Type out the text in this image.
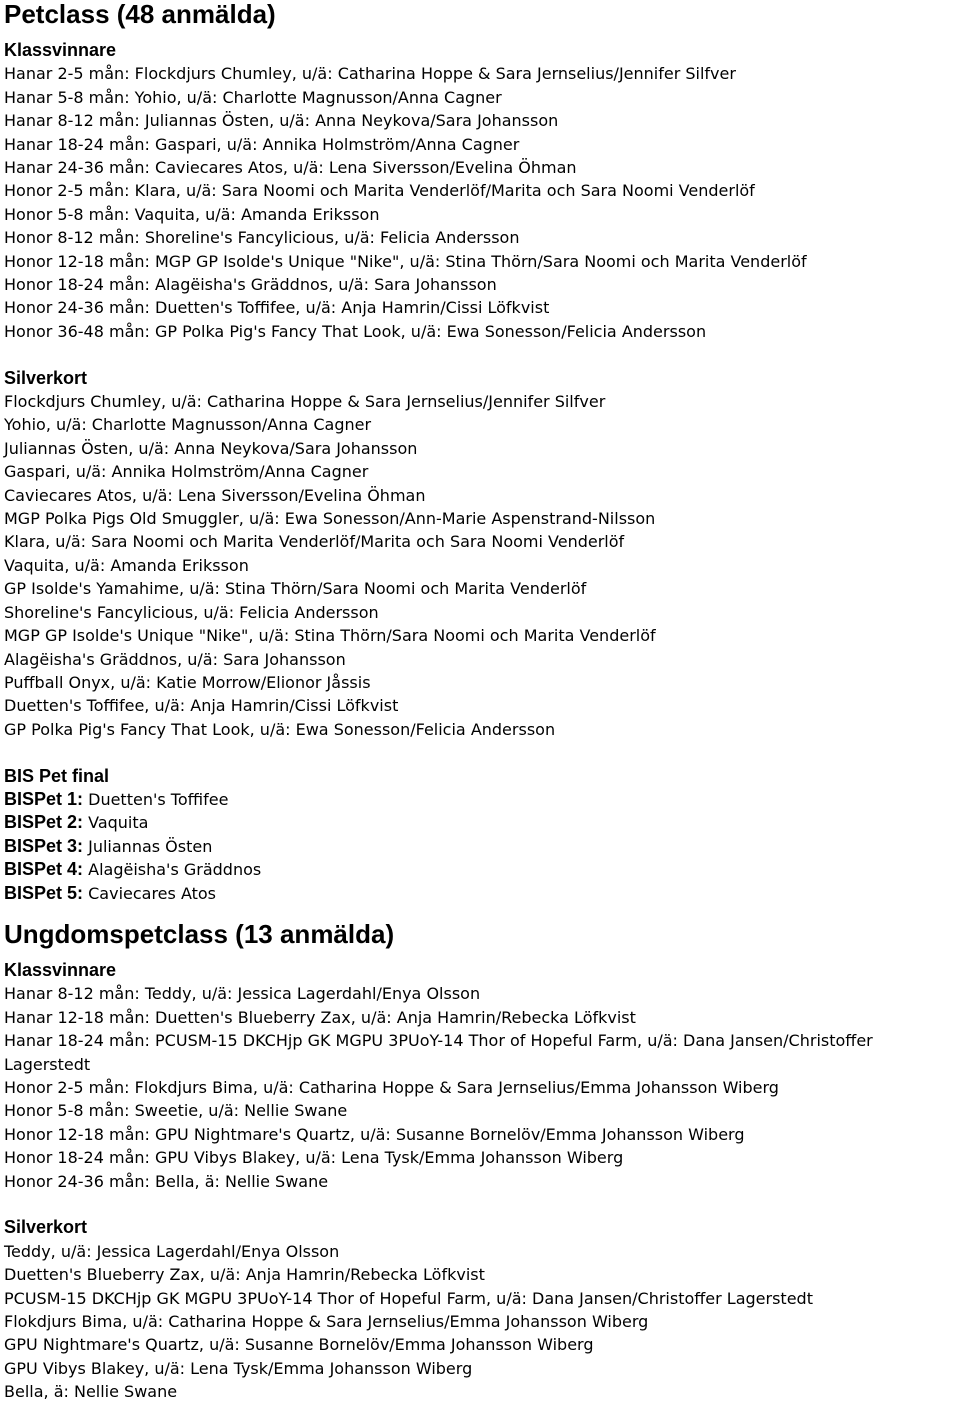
Petclass (48 anmälda)
Klassvinnare
Hanar 2-5 mån: Flockdjurs Chumley, u/ä: Catharina Hoppe & Sara Jernselius/Jennifer Silfver
Hanar 5-8 mån: Yohio, u/ä: Charlotte Magnusson/Anna Cagner
Hanar 8-12 mån: Juliannas Östen, u/ä: Anna Neykova/Sara Johansson
Hanar 18-24 mån: Gaspari, u/ä: Annika Holmström/Anna Cagner
Hanar 24-36 mån: Caviecares Atos, u/ä: Lena Siversson/Evelina Öhman
Honor 2-5 mån: Klara, u/ä: Sara Noomi och Marita Venderlöf/Marita och Sara Noomi Venderlöf
Honor 5-8 mån: Vaquita, u/ä: Amanda Eriksson
Honor 8-12 mån: Shoreline's Fancylicious, u/ä: Felicia Andersson
Honor 12-18 mån: MGP GP Isolde's Unique "Nike", u/ä: Stina Thörn/Sara Noomi och Marita Venderlöf
Honor 18-24 mån: Alagëisha's Gräddnos, u/ä: Sara Johansson
Honor 24-36 mån: Duetten's Toffifee, u/ä: Anja Hamrin/Cissi Löfkvist
Honor 36-48 mån: GP Polka Pig's Fancy That Look, u/ä: Ewa Sonesson/Felicia Andersson
Silverkort
Flockdjurs Chumley, u/ä: Catharina Hoppe & Sara Jernselius/Jennifer Silfver
Yohio, u/ä: Charlotte Magnusson/Anna Cagner
Juliannas Östen, u/ä: Anna Neykova/Sara Johansson
Gaspari, u/ä: Annika Holmström/Anna Cagner
Caviecares Atos, u/ä: Lena Siversson/Evelina Öhman
MGP Polka Pigs Old Smuggler, u/ä: Ewa Sonesson/Ann-Marie Aspenstrand-Nilsson
Klara, u/ä: Sara Noomi och Marita Venderlöf/Marita och Sara Noomi Venderlöf
Vaquita, u/ä: Amanda Eriksson
GP Isolde's Yamahime, u/ä: Stina Thörn/Sara Noomi och Marita Venderlöf
Shoreline's Fancylicious, u/ä: Felicia Andersson
MGP GP Isolde's Unique "Nike", u/ä: Stina Thörn/Sara Noomi och Marita Venderlöf
Alagëisha's Gräddnos, u/ä: Sara Johansson
Puffball Onyx, u/ä: Katie Morrow/Elionor Jåssis
Duetten's Toffifee, u/ä: Anja Hamrin/Cissi Löfkvist
GP Polka Pig's Fancy That Look, u/ä: Ewa Sonesson/Felicia Andersson
BIS Pet final
BISPet 1: Duetten's Toffifee
BISPet 2: Vaquita
BISPet 3: Juliannas Östen
BISPet 4: Alagëisha's Gräddnos
BISPet 5: Caviecares Atos
Ungdomspetclass (13 anmälda)
Klassvinnare
Hanar 8-12 mån: Teddy, u/ä: Jessica Lagerdahl/Enya Olsson
Hanar 12-18 mån: Duetten's Blueberry Zax, u/ä: Anja Hamrin/Rebecka Löfkvist
Hanar 18-24 mån: PCUSM-15 DKCHjp GK MGPU 3PUoY-14 Thor of Hopeful Farm, u/ä: Dana Jansen/Christoffer Lagerstedt
Honor 2-5 mån: Flokdjurs Bima, u/ä: Catharina Hoppe & Sara Jernselius/Emma Johansson Wiberg
Honor 5-8 mån: Sweetie, u/ä: Nellie Swane
Honor 12-18 mån: GPU Nightmare's Quartz, u/ä: Susanne Bornelöv/Emma Johansson Wiberg
Honor 18-24 mån: GPU Vibys Blakey, u/ä: Lena Tysk/Emma Johansson Wiberg
Honor 24-36 mån: Bella, ä: Nellie Swane
Silverkort
Teddy, u/ä: Jessica Lagerdahl/Enya Olsson
Duetten's Blueberry Zax, u/ä: Anja Hamrin/Rebecka Löfkvist
PCUSM-15 DKCHjp GK MGPU 3PUoY-14 Thor of Hopeful Farm, u/ä: Dana Jansen/Christoffer Lagerstedt
Flokdjurs Bima, u/ä: Catharina Hoppe & Sara Jernselius/Emma Johansson Wiberg
GPU Nightmare's Quartz, u/ä: Susanne Bornelöv/Emma Johansson Wiberg
GPU Vibys Blakey, u/ä: Lena Tysk/Emma Johansson Wiberg
Bella, ä: Nellie Swane
